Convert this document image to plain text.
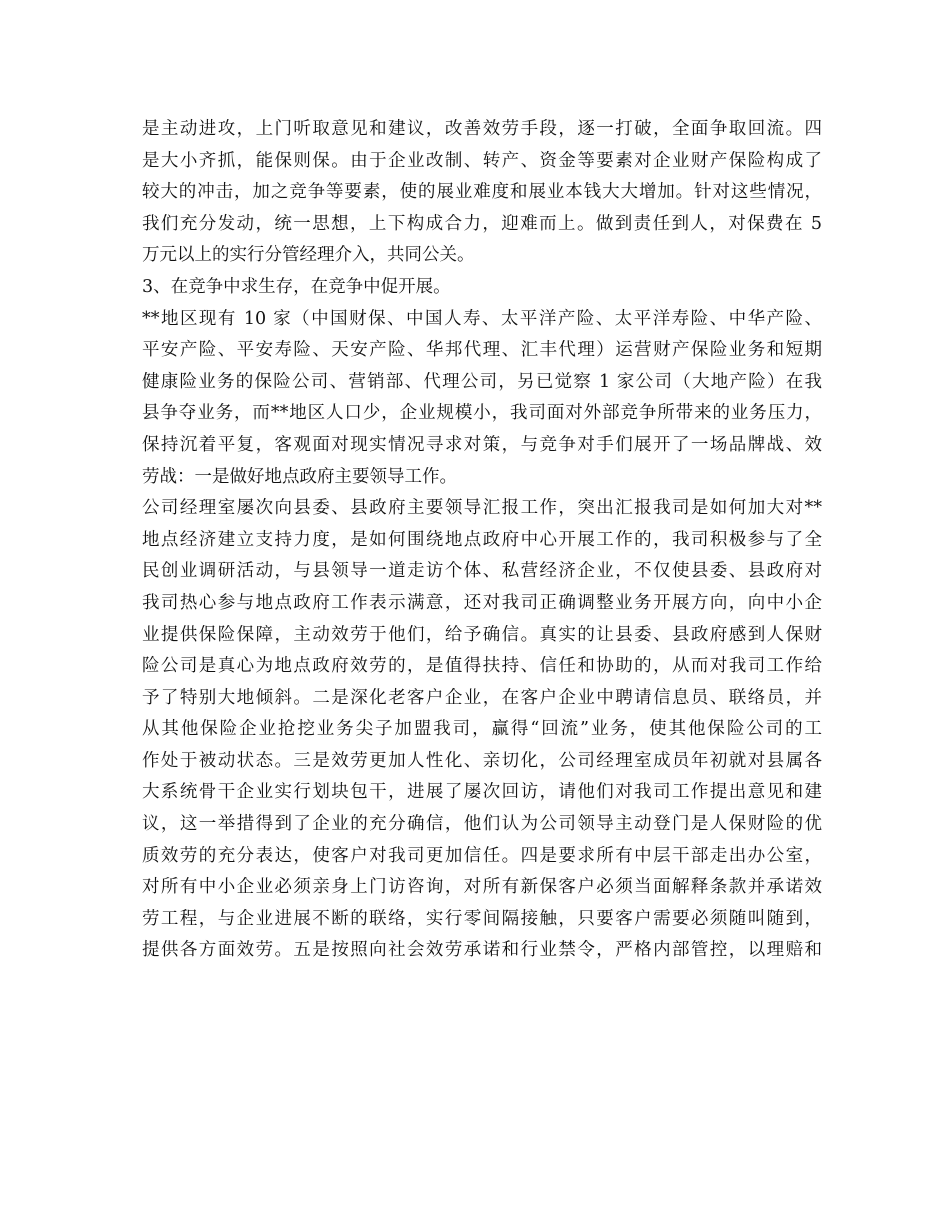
是主动进攻，上门听取意见和建议，改善效劳手段，逐一打破，全面争取回流。四
是大小齐抓，能保则保。由于企业改制、转产、资金等要素对企业财产保险构成了
较大的冲击，加之竞争等要素，使的展业难度和展业本钱大大增加。针对这些情况，
我们充分发动，统一思想，上下构成合力，迎难而上。做到责任到人，对保费在 5
万元以上的实行分管经理介入，共同公关。
3、在竞争中求生存，在竞争中促开展。
**地区现有 10 家（中国财保、中国人寿、太平洋产险、太平洋寿险、中华产险、
平安产险、平安寿险、天安产险、华邦代理、汇丰代理）运营财产保险业务和短期
健康险业务的保险公司、营销部、代理公司，另已觉察 1 家公司（大地产险）在我
县争夺业务，而**地区人口少，企业规模小，我司面对外部竞争所带来的业务压力，
保持沉着平复，客观面对现实情况寻求对策，与竞争对手们展开了一场品牌战、效
劳战：一是做好地点政府主要领导工作。
公司经理室屡次向县委、县政府主要领导汇报工作，突出汇报我司是如何加大对**
地点经济建立支持力度，是如何围绕地点政府中心开展工作的，我司积极参与了全
民创业调研活动，与县领导一道走访个体、私营经济企业，不仅使县委、县政府对
我司热心参与地点政府工作表示满意，还对我司正确调整业务开展方向，向中小企
业提供保险保障，主动效劳于他们，给予确信。真实的让县委、县政府感到人保财
险公司是真心为地点政府效劳的，是值得扶持、信任和协助的，从而对我司工作给
予了特别大地倾斜。二是深化老客户企业，在客户企业中聘请信息员、联络员，并
从其他保险企业抢挖业务尖子加盟我司，赢得“回流”业务，使其他保险公司的工
作处于被动状态。三是效劳更加人性化、亲切化，公司经理室成员年初就对县属各
大系统骨干企业实行划块包干，进展了屡次回访，请他们对我司工作提出意见和建
议，这一举措得到了企业的充分确信，他们认为公司领导主动登门是人保财险的优
质效劳的充分表达，使客户对我司更加信任。四是要求所有中层干部走出办公室，
对所有中小企业必须亲身上门访咨询，对所有新保客户必须当面解释条款并承诺效
劳工程，与企业进展不断的联络，实行零间隔接触，只要客户需要必须随叫随到，
提供各方面效劳。五是按照向社会效劳承诺和行业禁令，严格内部管控，以理赔和
